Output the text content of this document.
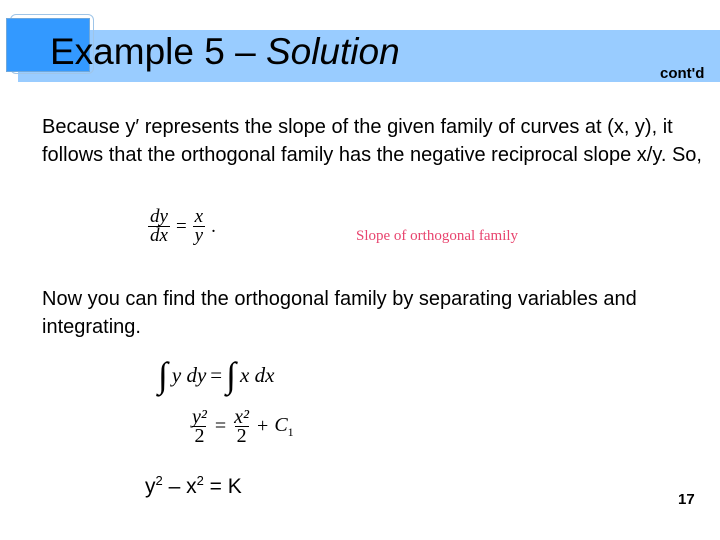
Example 5 – Solution
cont'd

Because y′ represents the slope of the given family of curves at (x, y), it follows that the orthogonal family has the negative reciprocal slope x/y. So,

$\frac{dy}{dx} = \frac{x}{y}$ .	Slope of orthogonal family

Now you can find the orthogonal family by separating variables and integrating.

∫ y dy = ∫ x dx
$\frac{\text{y²}}{2} = \frac{\text{x²}}{2} + C_1$
$y^2 - x^2 = K$
17
